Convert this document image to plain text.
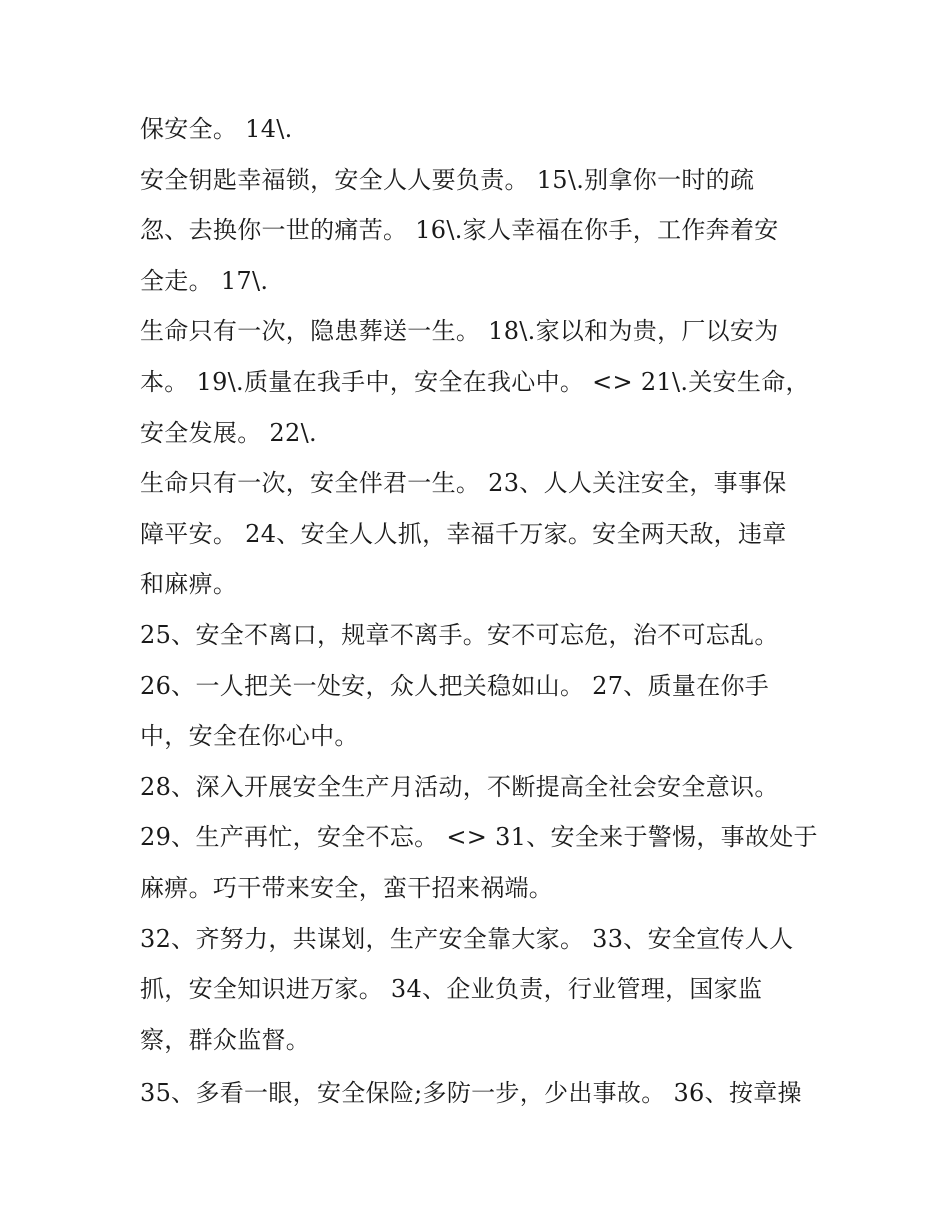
保安全。 14\.
安全钥匙幸福锁，安全人人要负责。 15\.别拿你一时的疏
忽、去换你一世的痛苦。 16\.家人幸福在你手，工作奔着安
全走。 17\.
生命只有一次，隐患葬送一生。 18\.家以和为贵，厂以安为
本。 19\.质量在我手中，安全在我心中。 <> 21\.关安生命，
安全发展。 22\.
生命只有一次，安全伴君一生。 23、人人关注安全，事事保
障平安。 24、安全人人抓，幸福千万家。安全两天敌，违章
和麻痹。
25、安全不离口，规章不离手。安不可忘危，治不可忘乱。
26、一人把关一处安，众人把关稳如山。 27、质量在你手
中，安全在你心中。
28、深入开展安全生产月活动，不断提高全社会安全意识。
29、生产再忙，安全不忘。 <> 31、安全来于警惕，事故处于
麻痹。巧干带来安全，蛮干招来祸端。
32、齐努力，共谋划，生产安全靠大家。 33、安全宣传人人
抓，安全知识进万家。 34、企业负责，行业管理，国家监
察，群众监督。
35、多看一眼，安全保险;多防一步，少出事故。 36、按章操
